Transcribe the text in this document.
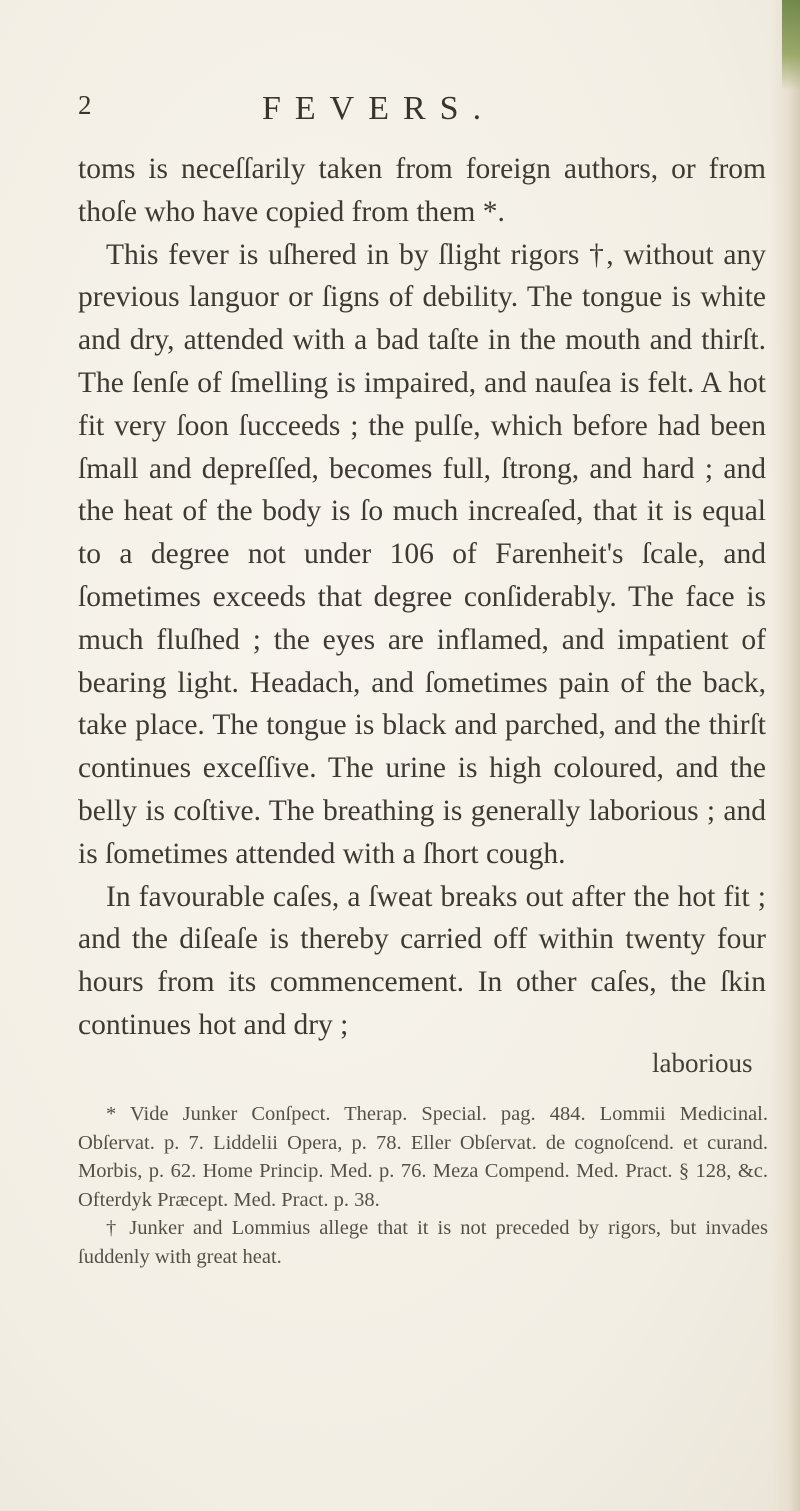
2	FEVERS.

toms is neceſſarily taken from foreign authors, or from thoſe who have copied from them *.

This fever is uſhered in by ſlight rigors †, without any previous languor or ſigns of debility. The tongue is white and dry, attended with a bad taſte in the mouth and thirſt. The ſenſe of ſmelling is impaired, and nauſea is felt. A hot fit very ſoon ſucceeds ; the pulſe, which before had been ſmall and depreſſed, becomes full, ſtrong, and hard ; and the heat of the body is ſo much increaſed, that it is equal to a degree not under 106 of Farenheit's ſcale, and ſometimes exceeds that degree conſiderably. The face is much fluſhed ; the eyes are inflamed, and impatient of bearing light. Headach, and ſometimes pain of the back, take place. The tongue is black and parched, and the thirſt continues exceſſive. The urine is high coloured, and the belly is coſtive. The breathing is generally laborious ; and is ſometimes attended with a ſhort cough.

In favourable caſes, a ſweat breaks out after the hot fit ; and the diſeaſe is thereby carried off within twenty four hours from its commencement. In other caſes, the ſkin continues hot and dry ;

laborious

* Vide Junker Conſpect. Therap. Special. pag. 484. Lommii Medicinal. Obſervat. p. 7. Liddelii Opera, p. 78. Eller Obſervat. de cognoſcend. et curand. Morbis, p. 62. Home Princip. Med. p. 76. Meza Compend. Med. Pract. § 128, &c. Ofterdyk Præcept. Med. Pract. p. 38.

† Junker and Lommius allege that it is not preceded by rigors, but invades ſuddenly with great heat.
